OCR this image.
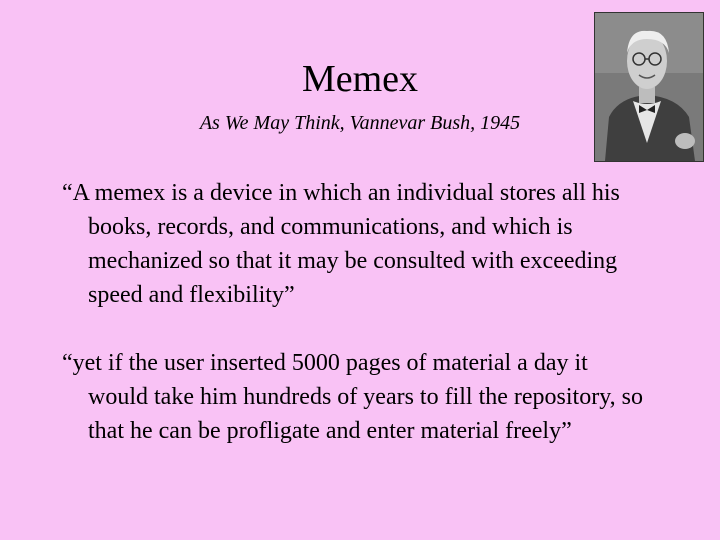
Memex

As We May Think, Vannevar Bush, 1945

“A memex is a device in which an individual stores all his books, records, and communications, and which is mechanized so that it may be consulted with exceeding speed and flexibility”

“yet if the user inserted 5000 pages of material a day it would take him hundreds of years to fill the repository, so that he can be profligate and enter material freely”
